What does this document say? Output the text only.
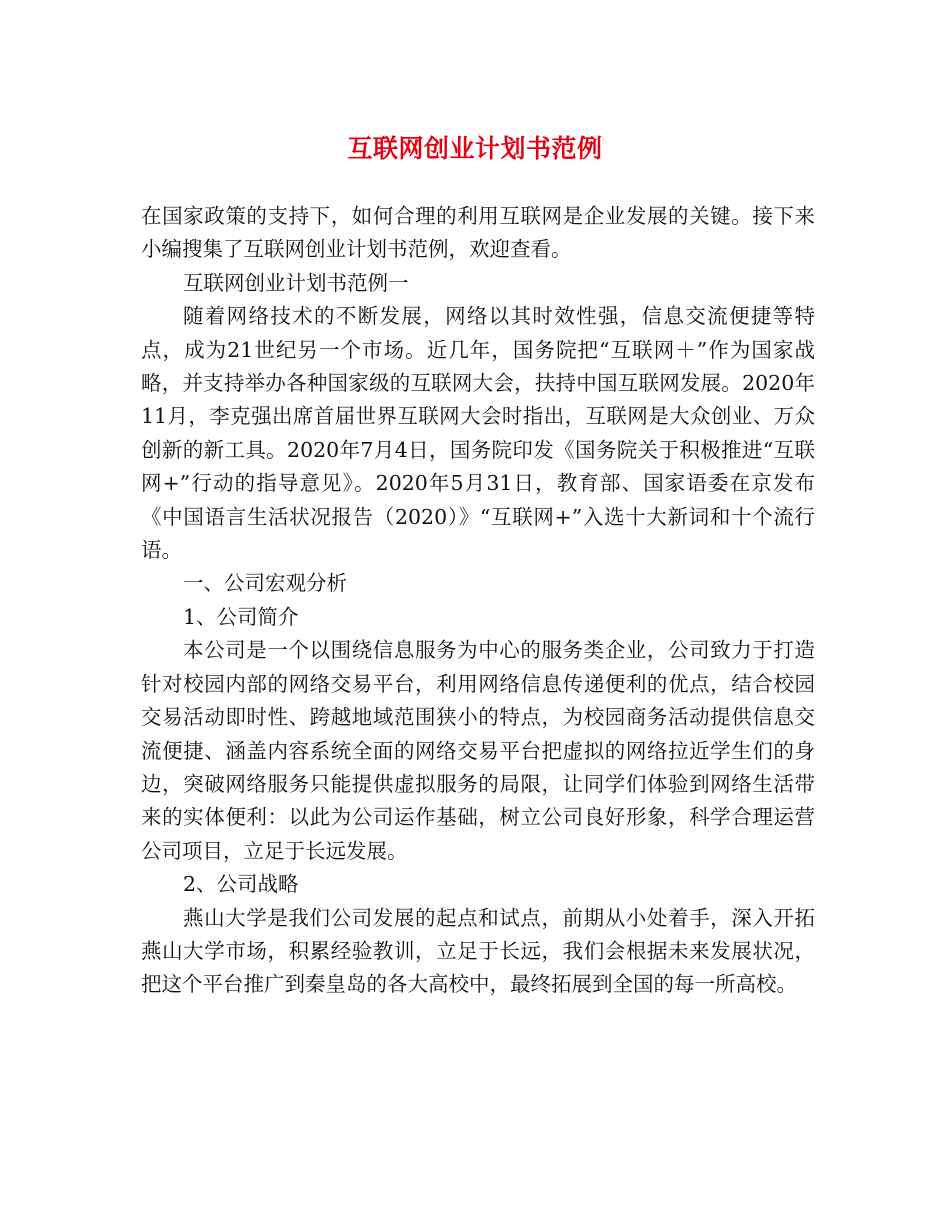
互联网创业计划书范例

在国家政策的支持下，如何合理的利用互联网是企业发展的关键。接下来小编搜集了互联网创业计划书范例，欢迎查看。

互联网创业计划书范例一

随着网络技术的不断发展，网络以其时效性强，信息交流便捷等特点，成为21世纪另一个市场。近几年，国务院把“互联网＋”作为国家战略，并支持举办各种国家级的互联网大会，扶持中国互联网发展。2020年11月，李克强出席首届世界互联网大会时指出，互联网是大众创业、万众创新的新工具。2020年7月4日，国务院印发《国务院关于积极推进“互联网+”行动的指导意见》。2020年5月31日，教育部、国家语委在京发布《中国语言生活状况报告（2020）》“互联网+”入选十大新词和十个流行语。

一、公司宏观分析

1、公司简介

本公司是一个以围绕信息服务为中心的服务类企业，公司致力于打造针对校园内部的网络交易平台，利用网络信息传递便利的优点，结合校园交易活动即时性、跨越地域范围狭小的特点，为校园商务活动提供信息交流便捷、涵盖内容系统全面的网络交易平台把虚拟的网络拉近学生们的身边，突破网络服务只能提供虚拟服务的局限，让同学们体验到网络生活带来的实体便利：以此为公司运作基础，树立公司良好形象，科学合理运营公司项目，立足于长远发展。

2、公司战略

燕山大学是我们公司发展的起点和试点，前期从小处着手，深入开拓燕山大学市场，积累经验教训，立足于长远，我们会根据未来发展状况，把这个平台推广到秦皇岛的各大高校中，最终拓展到全国的每一所高校。
